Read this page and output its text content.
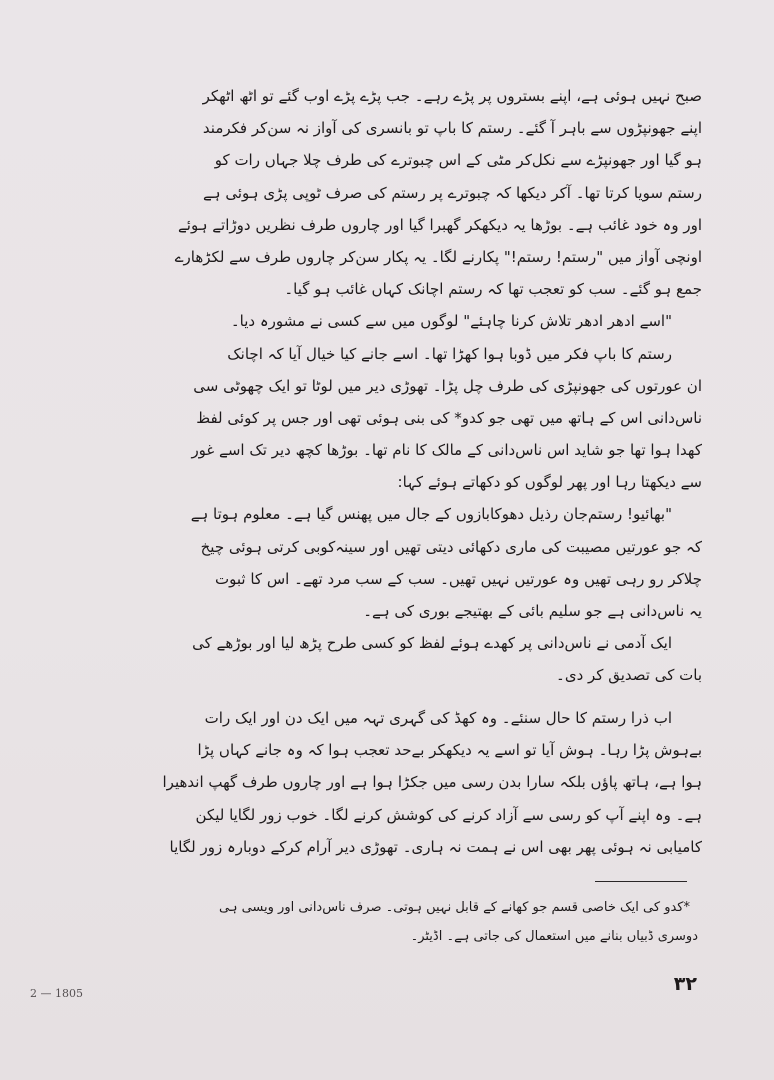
صبح نہیں ہوئی ہے، اپنے بستروں پر پڑے رہے۔ جب پڑے پڑے اوب گئے تو اٹھ اٹھکر
اپنے جھونپڑوں سے باہر آ گئے۔ رستم کا باپ تو بانسری کی آواز نہ سن‌کر فکرمند
ہو گیا اور جھونپڑے سے نکل‌کر مٹی کے اس چبوترے کی طرف چلا جہاں رات کو
رستم سویا کرتا تھا۔ آکر دیکھا کہ چبوترے پر رستم کی صرف ٹوپی پڑی ہوئی ہے
اور وہ خود غائب ہے۔ بوڑھا یہ دیکھکر گھبرا گیا اور چاروں طرف نظریں دوڑاتے ہوئے
اونچی آواز میں "رستم! رستم!" پکارنے لگا۔ یہ پکار سن‌کر چاروں طرف سے لکڑھارے
جمع ہو گئے۔ سب کو تعجب تھا کہ رستم اچانک کہاں غائب ہو گیا۔
"اسے ادھر ادھر تلاش کرنا چاہئے" لوگوں میں سے کسی نے مشورہ دیا۔
رستم کا باپ فکر میں ڈوبا ہوا کھڑا تھا۔ اسے جانے کیا خیال آیا کہ اچانک
ان عورتوں کی جھونپڑی کی طرف چل پڑا۔ تھوڑی دیر میں لوٹا تو ایک چھوٹی سی
ناس‌دانی اس کے ہاتھ میں تھی جو کدو* کی بنی ہوئی تھی اور جس پر کوئی لفظ
کھدا ہوا تھا جو شاید اس ناس‌دانی کے مالک کا نام تھا۔ بوڑھا کچھ دیر تک اسے غور
سے دیکھتا رہا اور پھر لوگوں کو دکھاتے ہوئے کہا:
"بھائیو! رستم‌جان رذیل دھوکابازوں کے جال میں پھنس گیا ہے۔ معلوم ہوتا ہے
کہ جو عورتیں مصیبت کی ماری دکھائی دیتی تھیں اور سینہ‌کوبی کرتی ہوئی چیخ
چلاکر رو رہی تھیں وہ عورتیں نہیں تھیں۔ سب کے سب مرد تھے۔ اس کا ثبوت
یہ ناس‌دانی ہے جو سلیم بائی کے بھتیجے بوری کی ہے۔
ایک آدمی نے ناس‌دانی پر کھدے ہوئے لفظ کو کسی طرح پڑھ لیا اور بوڑھے کی
بات کی تصدیق کر دی۔
اب ذرا رستم کا حال سنئے۔ وہ کھڈ کی گہری تہہ میں ایک دن اور ایک رات
بےہوش پڑا رہا۔ ہوش آیا تو اسے یہ دیکھکر بےحد تعجب ہوا کہ وہ جانے کہاں پڑا
ہوا ہے، ہاتھ پاؤں بلکہ سارا بدن رسی میں جکڑا ہوا ہے اور چاروں طرف گھپ اندھیرا
ہے۔ وہ اپنے آپ کو رسی سے آزاد کرنے کی کوشش کرنے لگا۔ خوب زور لگایا لیکن
کامیابی نہ ہوئی پھر بھی اس نے ہمت نہ ہاری۔ تھوڑی دیر آرام کرکے دوبارہ زور لگایا
*کدو کی ایک خاصی قسم جو کھانے کے قابل نہیں ہوتی۔ صرف ناس‌دانی اور ویسی ہی
دوسری ڈبیاں بنانے میں استعمال کی جاتی ہے۔ اڈیٹر۔
2 — 1805	۳۲
